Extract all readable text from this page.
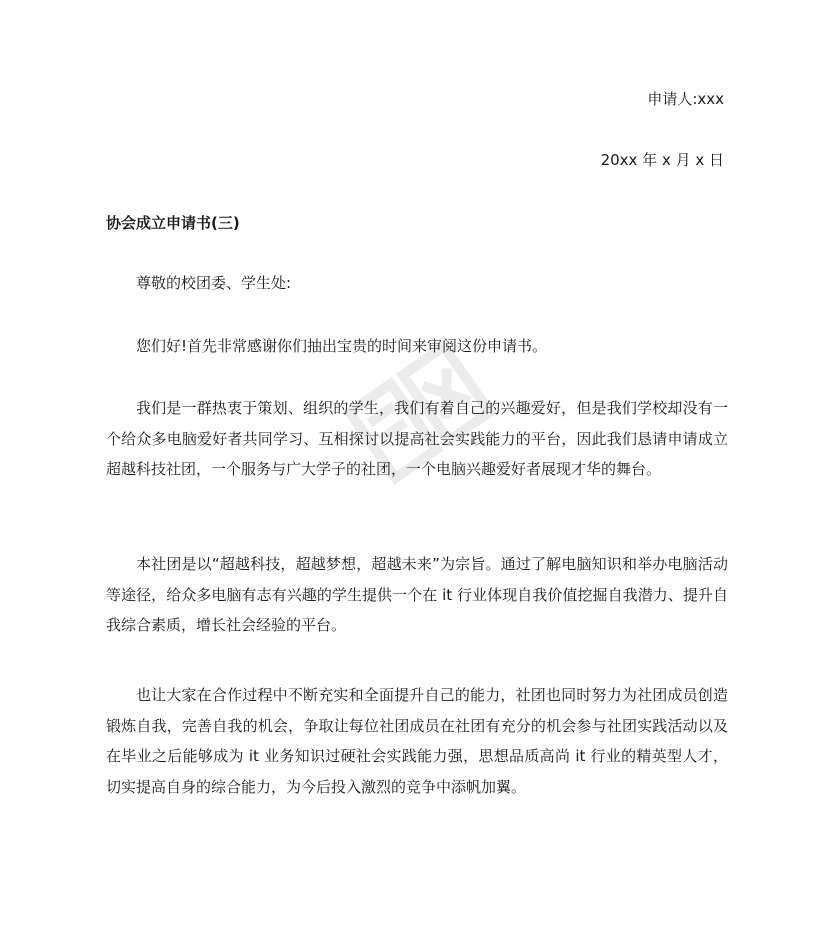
申请人:xxx
20xx 年 x 月 x 日
协会成立申请书(三)

尊敬的校团委、学生处:

您们好!首先非常感谢你们抽出宝贵的时间来审阅这份申请书。

我们是一群热衷于策划、组织的学生，我们有着自己的兴趣爱好，但是我们学校却没有一个给众多电脑爱好者共同学习、互相探讨以提高社会实践能力的平台，因此我们恳请申请成立超越科技社团，一个服务与广大学子的社团，一个电脑兴趣爱好者展现才华的舞台。

本社团是以“超越科技，超越梦想，超越未来”为宗旨。通过了解电脑知识和举办电脑活动等途径，给众多电脑有志有兴趣的学生提供一个在 it 行业体现自我价值挖掘自我潜力、提升自我综合素质，增长社会经验的平台。

也让大家在合作过程中不断充实和全面提升自己的能力，社团也同时努力为社团成员创造锻炼自我，完善自我的机会，争取让每位社团成员在社团有充分的机会参与社团实践活动以及在毕业之后能够成为 it 业务知识过硬社会实践能力强，思想品质高尚 it 行业的精英型人才，切实提高自身的综合能力，为今后投入激烈的竞争中添帆加翼。
